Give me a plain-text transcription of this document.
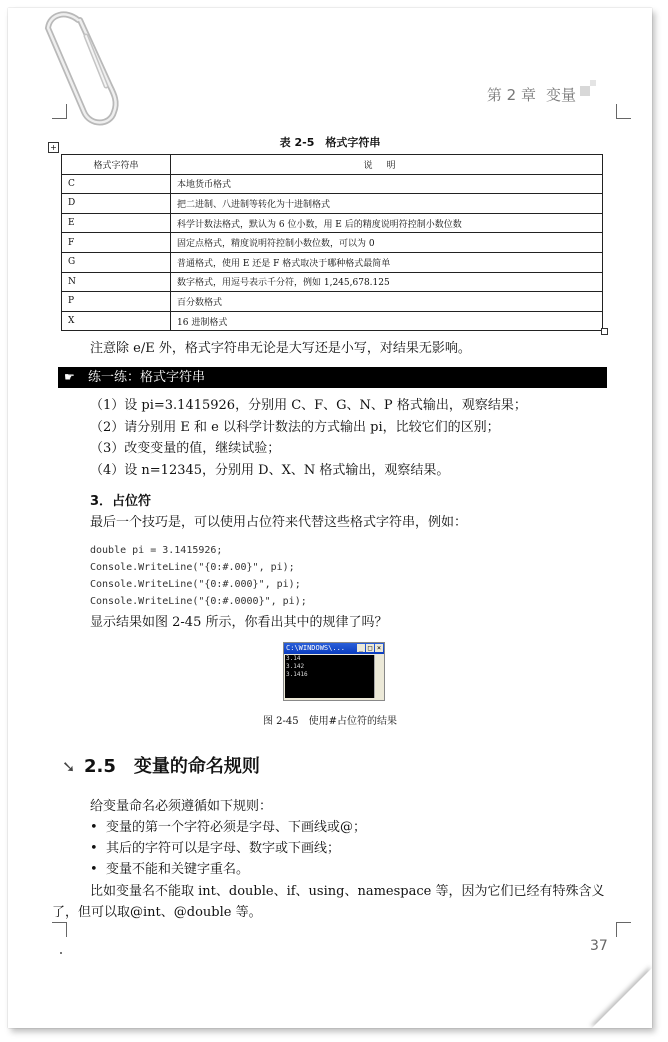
第 2 章 变量
表 2-5　格式字符串
+
格式字符串	说明
C	本地货币格式
D	把二进制、八进制等转化为十进制格式
E	科学计数法格式，默认为 6 位小数，用 E 后的精度说明符控制小数位数
F	固定点格式，精度说明符控制小数位数，可以为 0
G	普通格式，使用 E 还是 F 格式取决于哪种格式最简单
N	数字格式，用逗号表示千分符，例如 1,245,678.125
P	百分数格式
X	16 进制格式
注意除 e/E 外，格式字符串无论是大写还是小写，对结果无影响。
☛ 练一练：格式字符串
（1）设 pi=3.1415926，分别用 C、F、G、N、P 格式输出，观察结果；
（2）请分别用 E 和 e 以科学计数法的方式输出 pi，比较它们的区别；
（3）改变变量的值，继续试验；
（4）设 n=12345，分别用 D、X、N 格式输出，观察结果。
3．占位符
最后一个技巧是，可以使用占位符来代替这些格式字符串，例如：
double pi = 3.1415926;
Console.WriteLine("{0:#.00}", pi);
Console.WriteLine("{0:#.000}", pi);
Console.WriteLine("{0:#.0000}", pi);
显示结果如图 2-45 所示，你看出其中的规律了吗？
C:\WINDOWS\... _ □ ×
3.14
3.142
3.1416
图 2-45　使用#占位符的结果
➘ 2.5 变量的命名规则
给变量命名必须遵循如下规则：
• 变量的第一个字符必须是字母、下画线或@；
• 其后的字符可以是字母、数字或下画线；
• 变量不能和关键字重名。
比如变量名不能取 int、double、if、using、namespace 等，因为它们已经有特殊含义
了，但可以取@int、@double 等。
37
